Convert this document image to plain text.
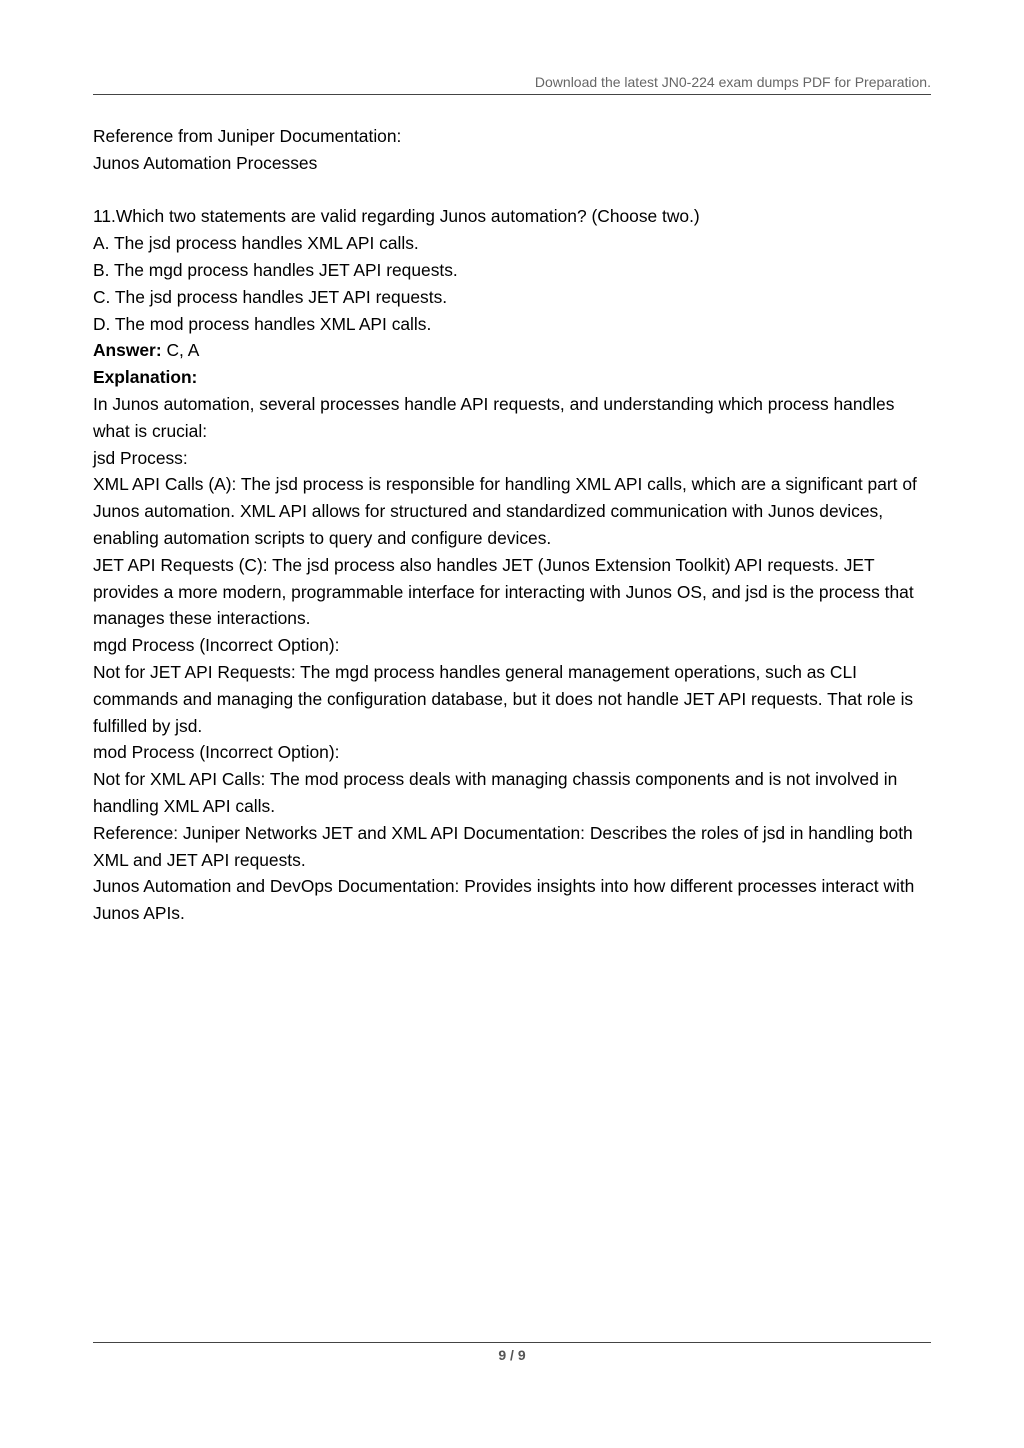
Download the latest JN0-224 exam dumps PDF for Preparation.

Reference from Juniper Documentation:

Junos Automation Processes

11.Which two statements are valid regarding Junos automation? (Choose two.)

A. The jsd process handles XML API calls.

B. The mgd process handles JET API requests.

C. The jsd process handles JET API requests.

D. The mod process handles XML API calls.

Answer: C, A

Explanation:

In Junos automation, several processes handle API requests, and understanding which process handles what is crucial:

jsd Process:

XML API Calls (A): The jsd process is responsible for handling XML API calls, which are a significant part of Junos automation. XML API allows for structured and standardized communication with Junos devices, enabling automation scripts to query and configure devices.

JET API Requests (C): The jsd process also handles JET (Junos Extension Toolkit) API requests. JET provides a more modern, programmable interface for interacting with Junos OS, and jsd is the process that manages these interactions.

mgd Process (Incorrect Option):

Not for JET API Requests: The mgd process handles general management operations, such as CLI commands and managing the configuration database, but it does not handle JET API requests. That role is fulfilled by jsd.

mod Process (Incorrect Option):

Not for XML API Calls: The mod process deals with managing chassis components and is not involved in handling XML API calls.

Reference: Juniper Networks JET and XML API Documentation: Describes the roles of jsd in handling both XML and JET API requests.

Junos Automation and DevOps Documentation: Provides insights into how different processes interact with Junos APIs.

9 / 9
